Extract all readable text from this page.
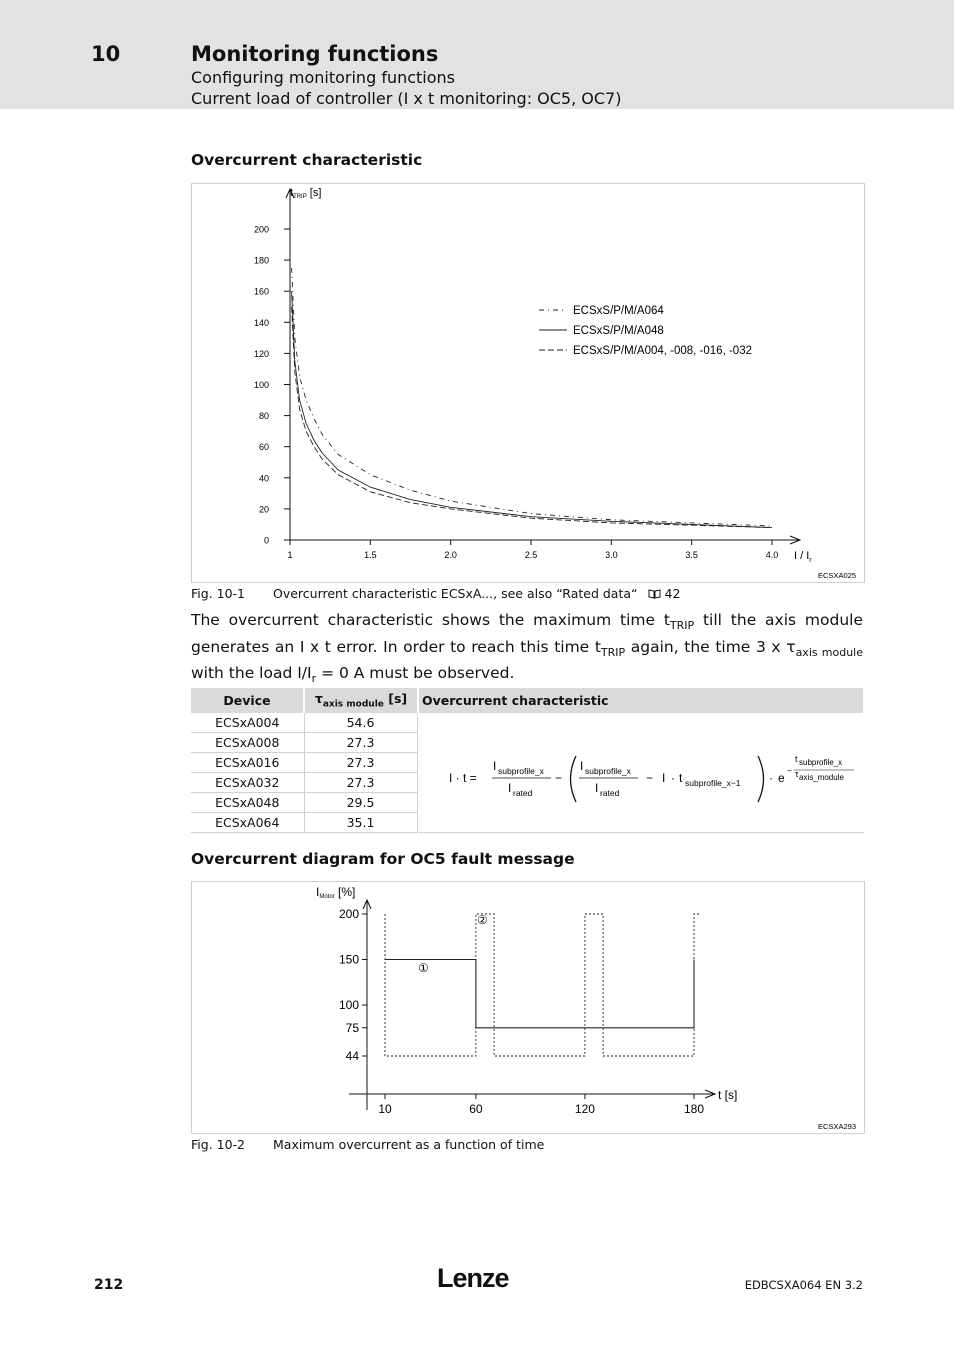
10	Monitoring functions
Configuring monitoring functions
Current load of controller (I x t monitoring: OC5, OC7)
Overcurrent characteristic
0
20
40
60
80
100
120
140
160
180
200
1	1.5	2.0	2.5	3.0	3.5	4.0
ECSxS/P/M/A064
ECSxS/P/M/A048
ECSxS/P/M/A004, -008, -016, -032
tTRIP [s]
I / $I_r$
ECSXA025
Fig. 10-1 Overcurrent characteristic ECSxA..., see also “Rated data“ 42
The overcurrent characteristic shows the maximum time $t_{TRIP}$ till the axis module generates an I x t error. In order to reach this time $t_{TRIP}$ again, the time 3 x $\tau_{axis module}$ with the load $I/I_r = 0$ A must be observed.
Device	$\tau_{axis module}$ [s]
ECSxA004	54.6
ECSxA008	27.3
ECSxA016	27.3
ECSxA032	27.3
ECSxA048	29.5
ECSxA064	35.1
Overcurrent characteristic
I · t =
I subprofile_x
I rated
−
I subprofile_x
I rated
− I · t subprofile_x−1 · e
−
t subprofile_x
τ axis_module
Overcurrent diagram for OC5 fault message
44
75
100
150
200
10	60	120	180
IMotor [%]
t [s]
①
②
ECSXA293
Fig. 10-2 Maximum overcurrent as a function of time
212	Lenze	EDBCSXA064 EN 3.2
